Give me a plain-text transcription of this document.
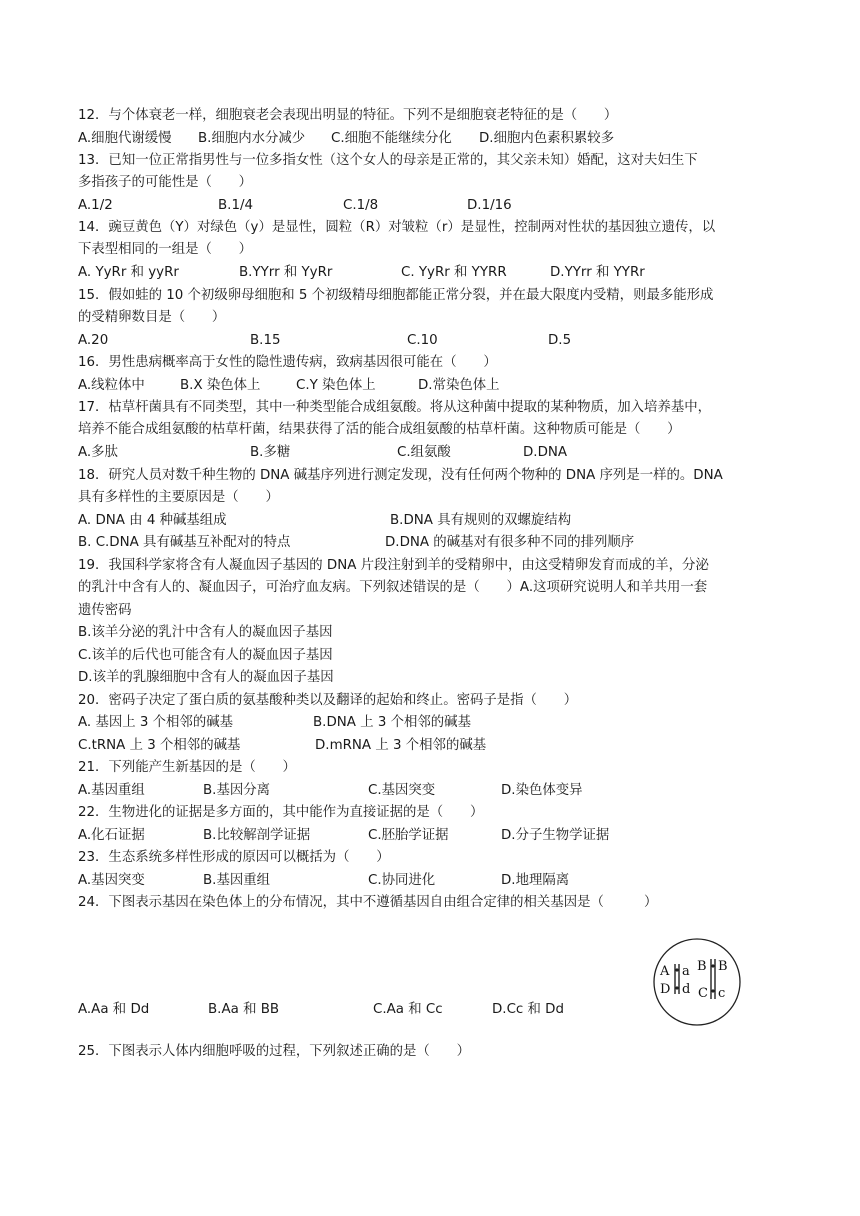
12．与个体衰老一样，细胞衰老会表现出明显的特征。下列不是细胞衰老特征的是（　　）
A.细胞代谢缓慢 B.细胞内水分减少 C.细胞不能继续分化 D.细胞内色素积累较多
13．已知一位正常指男性与一位多指女性（这个女人的母亲是正常的，其父亲未知）婚配，这对夫妇生下
多指孩子的可能性是（　　）
A.1/2	B.1/4	C.1/8	D.1/16
14．豌豆黄色（Y）对绿色（y）是显性，圆粒（R）对皱粒（r）是显性，控制两对性状的基因独立遗传，以
下表型相同的一组是（　　）
A. YyRr 和 yyRr	B.YYrr 和 YyRr	C. YyRr 和 YYRR	D.YYrr 和 YYRr
15．假如蛙的 10 个初级卵母细胞和 5 个初级精母细胞都能正常分裂，并在最大限度内受精，则最多能形成
的受精卵数目是（　　）
A.20	B.15	C.10	D.5
16．男性患病概率高于女性的隐性遗传病，致病基因很可能在（　　）
A.线粒体中	B.X 染色体上	C.Y 染色体上	D.常染色体上
17．枯草杆菌具有不同类型，其中一种类型能合成组氨酸。将从这种菌中提取的某种物质，加入培养基中，
培养不能合成组氨酸的枯草杆菌，结果获得了活的能合成组氨酸的枯草杆菌。这种物质可能是（　　）
A.多肽	B.多糖	C.组氨酸	D.DNA
18．研究人员对数千种生物的 DNA 碱基序列进行测定发现，没有任何两个物种的 DNA 序列是一样的。DNA
具有多样性的主要原因是（　　）
A. DNA 由 4 种碱基组成	B.DNA 具有规则的双螺旋结构
B. C.DNA 具有碱基互补配对的特点	D.DNA 的碱基对有很多种不同的排列顺序
19．我国科学家将含有人凝血因子基因的 DNA 片段注射到羊的受精卵中，由这受精卵发育而成的羊，分泌
的乳汁中含有人的、凝血因子，可治疗血友病。下列叙述错误的是（　　）A.这项研究说明人和羊共用一套
遗传密码
B.该羊分泌的乳汁中含有人的凝血因子基因
C.该羊的后代也可能含有人的凝血因子基因
D.该羊的乳腺细胞中含有人的凝血因子基因
20．密码子决定了蛋白质的氨基酸种类以及翻译的起始和终止。密码子是指（　　）
A. 基因上 3 个相邻的碱基	B.DNA 上 3 个相邻的碱基
C.tRNA 上 3 个相邻的碱基	D.mRNA 上 3 个相邻的碱基
21．下列能产生新基因的是（　　）
A.基因重组	B.基因分离	C.基因突变	D.染色体变异
22．生物进化的证据是多方面的，其中能作为直接证据的是（　　）
A.化石证据	B.比较解剖学证据	C.胚胎学证据	D.分子生物学证据
23．生态系统多样性形成的原因可以概括为（　　）
A.基因突变	B.基因重组	C.协同进化	D.地理隔离
24．下图表示基因在染色体上的分布情况，其中不遵循基因自由组合定律的相关基因是（　　　）
A a
D d
B B
C c
A.Aa 和 Dd	B.Aa 和 BB	C.Aa 和 Cc	D.Cc 和 Dd
25．下图表示人体内细胞呼吸的过程，下列叙述正确的是（　　）
